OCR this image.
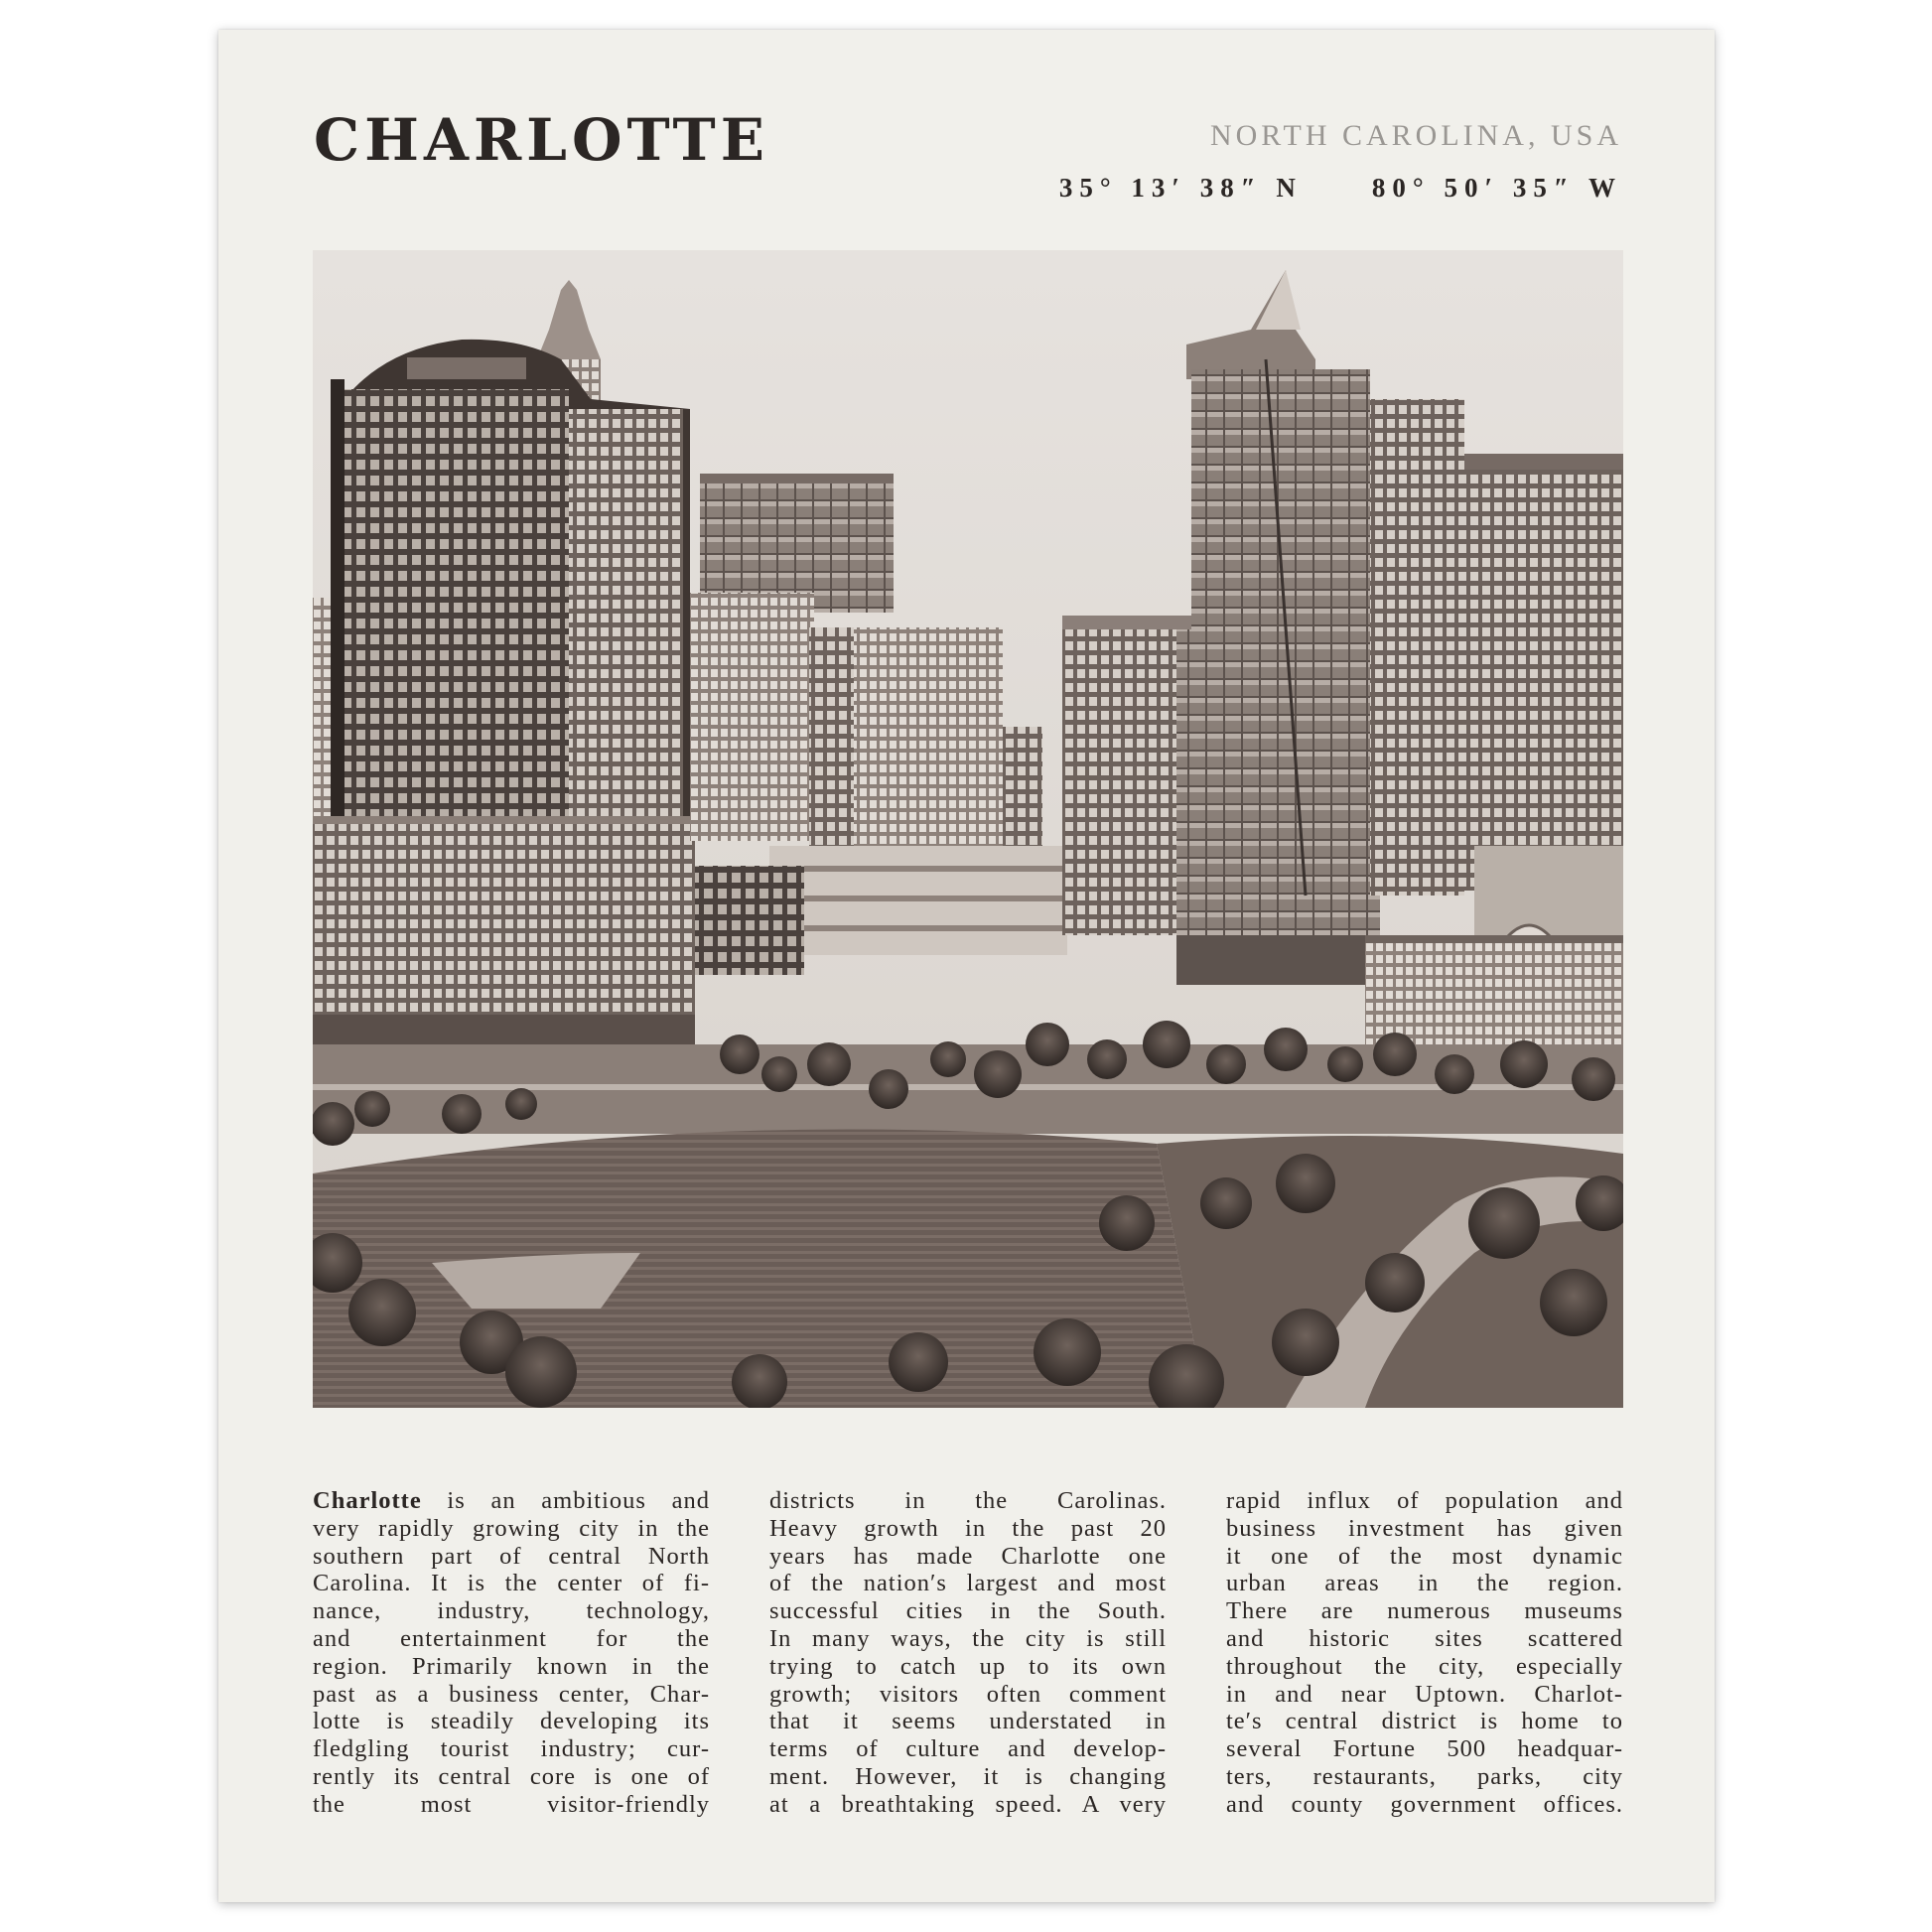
CHARLOTTE	NORTH CAROLINA, USA
35° 13′ 38″ N	80° 50′ 35″ W
Charlotte is an ambitious and
very rapidly growing city in the
southern part of central North
Carolina. It is the center of fi-
nance, industry, technology,
and entertainment for the
region. Primarily known in the
past as a business center, Char-
lotte is steadily developing its
fledgling tourist industry; cur-
rently its central core is one of
the most visitor-friendly
districts in the Carolinas.
Heavy growth in the past 20
years has made Charlotte one
of the nation′s largest and most
successful cities in the South.
In many ways, the city is still
trying to catch up to its own
growth; visitors often comment
that it seems understated in
terms of culture and develop-
ment. However, it is changing
at a breathtaking speed. A very
rapid influx of population and
business investment has given
it one of the most dynamic
urban areas in the region.
There are numerous museums
and historic sites scattered
throughout the city, especially
in and near Uptown. Charlot-
te′s central district is home to
several Fortune 500 headquar-
ters, restaurants, parks, city
and county government offices.
